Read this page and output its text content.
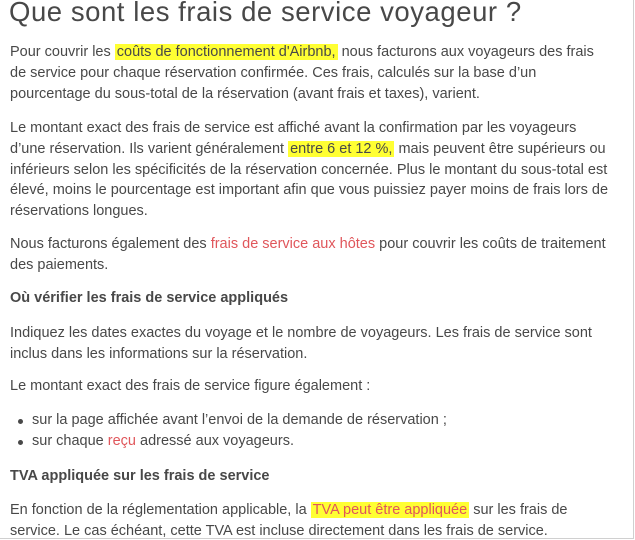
Que sont les frais de service voyageur ?

Pour couvrir les coûts de fonctionnement d'Airbnb, nous facturons aux voyageurs des frais de service pour chaque réservation confirmée. Ces frais, calculés sur la base d’un pourcentage du sous-total de la réservation (avant frais et taxes), varient.

Le montant exact des frais de service est affiché avant la confirmation par les voyageurs d’une réservation. Ils varient généralement entre 6 et 12 %, mais peuvent être supérieurs ou inférieurs selon les spécificités de la réservation concernée. Plus le montant du sous-total est élevé, moins le pourcentage est important afin que vous puissiez payer moins de frais lors de réservations longues.

Nous facturons également des frais de service aux hôtes pour couvrir les coûts de traitement des paiements.

Où vérifier les frais de service appliqués

Indiquez les dates exactes du voyage et le nombre de voyageurs. Les frais de service sont inclus dans les informations sur la réservation.

Le montant exact des frais de service figure également :

sur la page affichée avant l’envoi de la demande de réservation ;
sur chaque reçu adressé aux voyageurs.
TVA appliquée sur les frais de service

En fonction de la réglementation applicable, la TVA peut être appliquée sur les frais de service. Le cas échéant, cette TVA est incluse directement dans les frais de service.
